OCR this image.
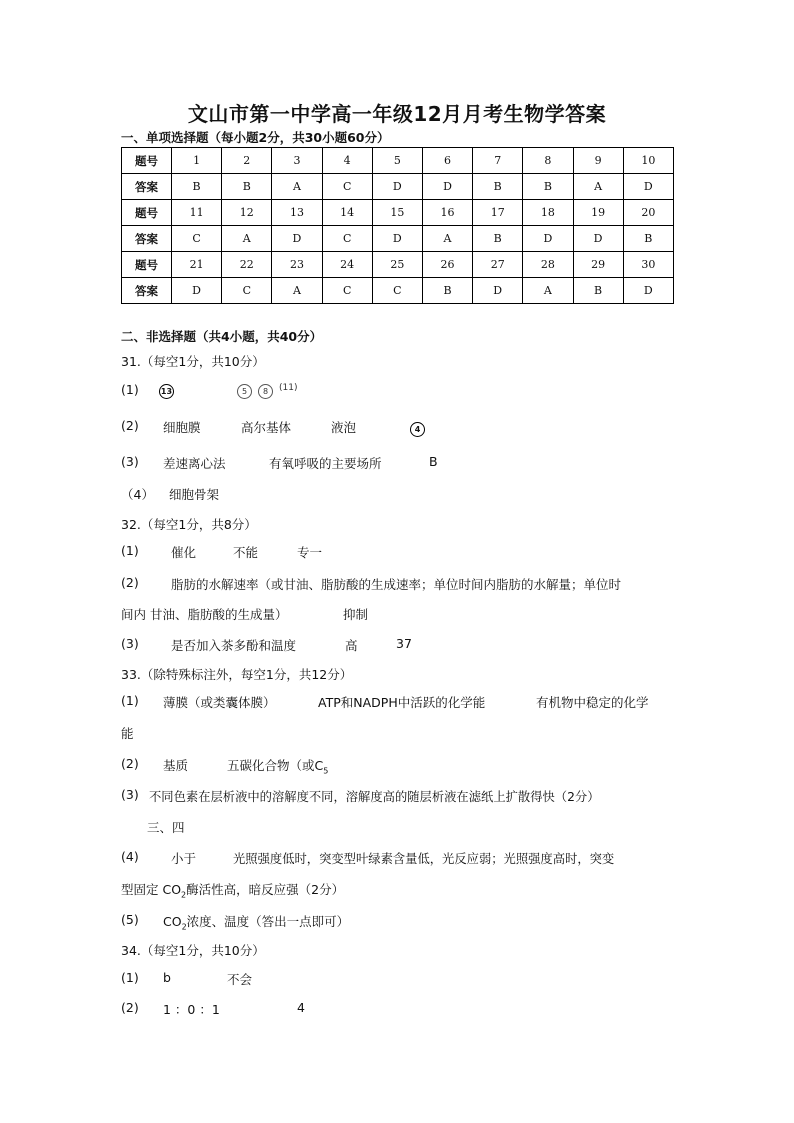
文山市第一中学高一年级12月月考生物学答案
一、单项选择题（每小题2分，共30小题60分）
题号	1	2	3	4	5	6	7	8	9	10
答案	B	B	A	C	D	D	B	B	A	D
题号	11	12	13	14	15	16	17	18	19	20
答案	C	A	D	C	D	A	B	D	D	B
题号	21	22	23	24	25	26	27	28	29	30
答案	D	C	A	C	C	B	D	A	B	D
二、非选择题（共4小题，共40分）
31.（每空1分，共10分）
(1)	13	5	8	(11)
(2) 细胞膜	高尔基体	液泡	4
(3) 差速离心法	有氧呼吸的主要场所	B
（4） 细胞骨架
32.（每空1分，共8分）
(1)	催化	不能	专一
(2)	脂肪的水解速率（或甘油、脂肪酸的生成速率；单位时间内脂肪的水解量；单位时
间内 甘油、脂肪酸的生成量）	抑制
(3)	是否加入茶多酚和温度	高	37
33.（除特殊标注外，每空1分，共12分）
(1) 薄膜（或类囊体膜）	ATP和NADPH中活跃的化学能	有机物中稳定的化学
能
(2) 基质	五碳化合物（或$C_5$
(3) 不同色素在层析液中的溶解度不同，溶解度高的随层析液在滤纸上扩散得快（2分）
三、四
(4)	小于	光照强度低时，突变型叶绿素含量低，光反应弱；光照强度高时，突变
型固定 $CO_2$酶活性高，暗反应强（2分）
(5) $CO_2$浓度、温度（答出一点即可）
34.（每空1分，共10分）
(1) b	不会
(2) 1 ：0 ：1	4
